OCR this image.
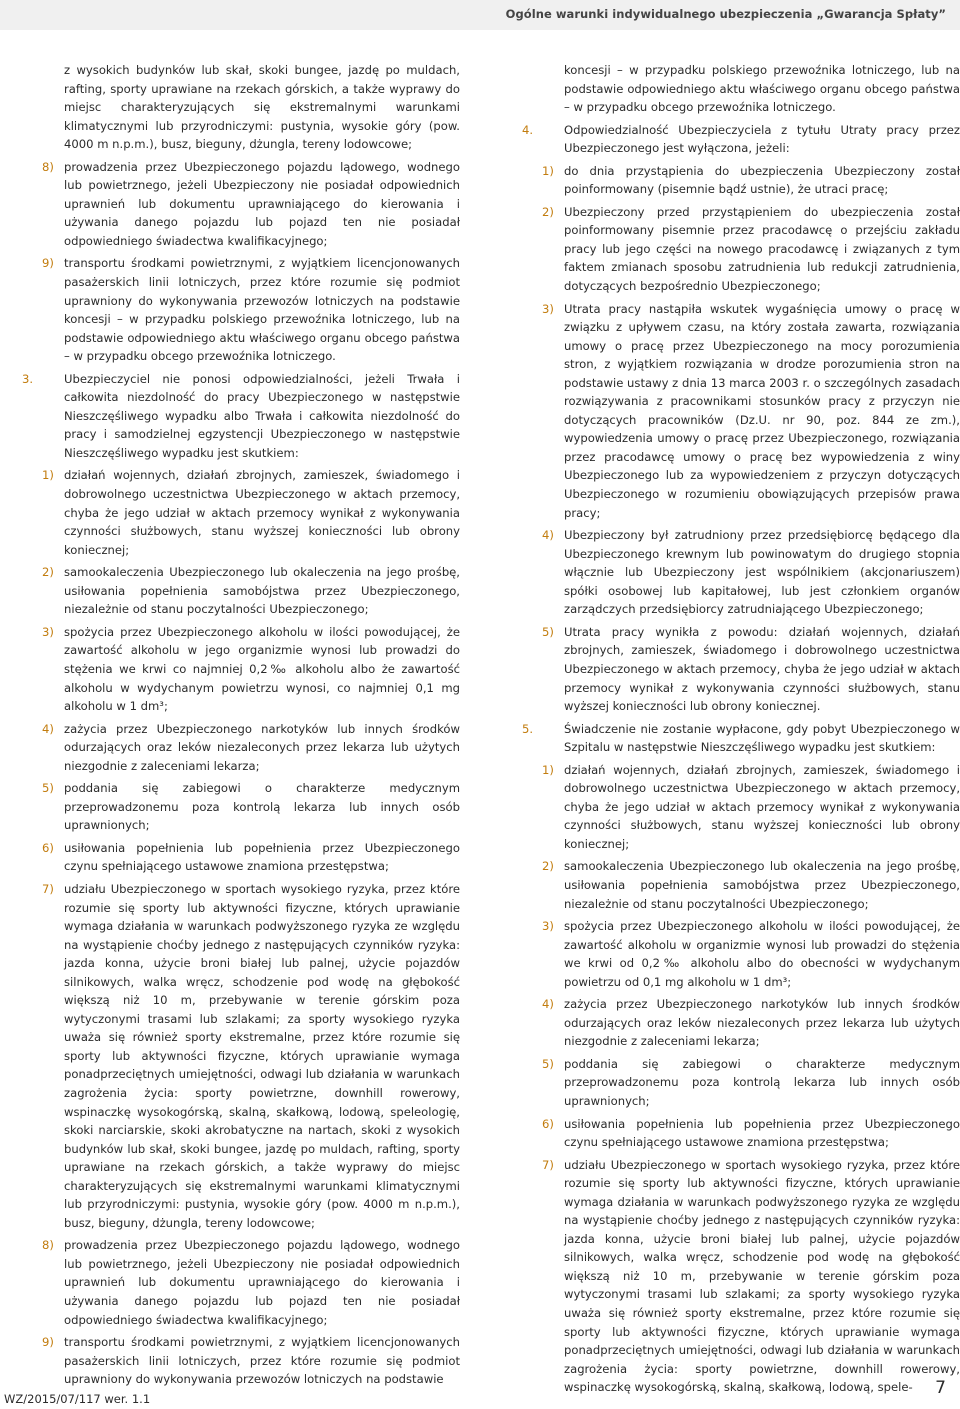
Ogólne warunki indywidualnego ubezpieczenia „Gwarancja Spłaty”

z wysokich budynków lub skał, skoki bungee, jazdę po muldach, rafting, sporty uprawiane na rzekach górskich, a także wyprawy do miejsc charakteryzujących się ekstremalnymi warunkami klimatycznymi lub przyrodniczymi: pustynia, wysokie góry (pow. 4000 m n.p.m.), busz, bieguny, dżungla, tereny lodowcowe;

8) prowadzenia przez Ubezpieczonego pojazdu lądowego, wodnego lub powietrznego, jeżeli Ubezpieczony nie posiadał odpowiednich uprawnień lub dokumentu uprawniającego do kierowania i używania danego pojazdu lub pojazd ten nie posiadał odpowiedniego świadectwa kwalifikacyjnego;
9) transportu środkami powietrznymi, z wyjątkiem licencjonowanych pasażerskich linii lotniczych, przez które rozumie się podmiot uprawniony do wykonywania przewozów lotniczych na podstawie koncesji – w przypadku polskiego przewoźnika lotniczego, lub na podstawie odpowiedniego aktu właściwego organu obcego państwa – w przypadku obcego przewoźnika lotniczego.
3.	Ubezpieczyciel nie ponosi odpowiedzialności, jeżeli Trwała i całkowita niezdolność do pracy Ubezpieczonego w następstwie Nieszczęśliwego wypadku albo Trwała i całkowita niezdolność do pracy i samodzielnej egzystencji Ubezpieczonego w następstwie Nieszczęśliwego wypadku jest skutkiem:

1) działań wojennych, działań zbrojnych, zamieszek, świadomego i dobrowolnego uczestnictwa Ubezpieczonego w aktach przemocy, chyba że jego udział w aktach przemocy wynikał z wykonywania czynności służbowych, stanu wyższej konieczności lub obrony koniecznej;
2) samookaleczenia Ubezpieczonego lub okaleczenia na jego prośbę, usiłowania popełnienia samobójstwa przez Ubezpieczonego, niezależnie od stanu poczytalności Ubezpieczonego;
3) spożycia przez Ubezpieczonego alkoholu w ilości powodującej, że zawartość alkoholu w jego organizmie wynosi lub prowadzi do stężenia we krwi co najmniej 0,2‰ alkoholu albo że zawartość alkoholu w wydychanym powietrzu wynosi, co najmniej 0,1 mg alkoholu w 1 dm³;
4) zażycia przez Ubezpieczonego narkotyków lub innych środków odurzających oraz leków niezaleconych przez lekarza lub użytych niezgodnie z zaleceniami lekarza;
5) poddania się zabiegowi o charakterze medycznym przeprowadzonemu poza kontrolą lekarza lub innych osób uprawnionych;
6) usiłowania popełnienia lub popełnienia przez Ubezpieczonego czynu spełniającego ustawowe znamiona przestępstwa;
7) udziału Ubezpieczonego w sportach wysokiego ryzyka, przez które rozumie się sporty lub aktywności fizyczne, których uprawianie wymaga działania w warunkach podwyższonego ryzyka ze względu na wystąpienie choćby jednego z następujących czynników ryzyka: jazda konna, użycie broni białej lub palnej, użycie pojazdów silnikowych, walka wręcz, schodzenie pod wodę na głębokość większą niż 10 m, przebywanie w terenie górskim poza wytyczonymi trasami lub szlakami; za sporty wysokiego ryzyka uważa się również sporty ekstremalne, przez które rozumie się sporty lub aktywności fizyczne, których uprawianie wymaga ponadprzeciętnych umiejętności, odwagi lub działania w warunkach zagrożenia życia: sporty powietrzne, downhill rowerowy, wspinaczkę wysokogórską, skalną, skałkową, lodową, speleologię, skoki narciarskie, skoki akrobatyczne na nartach, skoki z wysokich budynków lub skał, skoki bungee, jazdę po muldach, rafting, sporty uprawiane na rzekach górskich, a także wyprawy do miejsc charakteryzujących się ekstremalnymi warunkami klimatycznymi lub przyrodniczymi: pustynia, wysokie góry (pow. 4000 m n.p.m.), busz, bieguny, dżungla, tereny lodowcowe;
8) prowadzenia przez Ubezpieczonego pojazdu lądowego, wodnego lub powietrznego, jeżeli Ubezpieczony nie posiadał odpowiednich uprawnień lub dokumentu uprawniającego do kierowania i używania danego pojazdu lub pojazd ten nie posiadał odpowiedniego świadectwa kwalifikacyjnego;
9) transportu środkami powietrznymi, z wyjątkiem licencjonowanych pasażerskich linii lotniczych, przez które rozumie się podmiot uprawniony do wykonywania przewozów lotniczych na podstawie

koncesji – w przypadku polskiego przewoźnika lotniczego, lub na podstawie odpowiedniego aktu właściwego organu obcego państwa – w przypadku obcego przewoźnika lotniczego.

4.	Odpowiedzialność Ubezpieczyciela z tytułu Utraty pracy przez Ubezpieczonego jest wyłączona, jeżeli:

1) do dnia przystąpienia do ubezpieczenia Ubezpieczony został poinformowany (pisemnie bądź ustnie), że utraci pracę;
2) Ubezpieczony przed przystąpieniem do ubezpieczenia został poinformowany pisemnie przez pracodawcę o przejściu zakładu pracy lub jego części na nowego pracodawcę i związanych z tym faktem zmianach sposobu zatrudnienia lub redukcji zatrudnienia, dotyczących bezpośrednio Ubezpieczonego;
3) Utrata pracy nastąpiła wskutek wygaśnięcia umowy o pracę w związku z upływem czasu, na który została zawarta, rozwiązania umowy o pracę przez Ubezpieczonego na mocy porozumienia stron, z wyjątkiem rozwiązania w drodze porozumienia stron na podstawie ustawy z dnia 13 marca 2003 r. o szczególnych zasadach rozwiązywania z pracownikami stosunków pracy z przyczyn nie dotyczących pracowników (Dz.U. nr 90, poz. 844 ze zm.), wypowiedzenia umowy o pracę przez Ubezpieczonego, rozwiązania przez pracodawcę umowy o pracę bez wypowiedzenia z winy Ubezpieczonego lub za wypowiedzeniem z przyczyn dotyczących Ubezpieczonego w rozumieniu obowiązujących przepisów prawa pracy;
4) Ubezpieczony był zatrudniony przez przedsiębiorcę będącego dla Ubezpieczonego krewnym lub powinowatym do drugiego stopnia włącznie lub Ubezpieczony jest wspólnikiem (akcjonariuszem) spółki osobowej lub kapitałowej, lub jest członkiem organów zarządczych przedsiębiorcy zatrudniającego Ubezpieczonego;
5) Utrata pracy wynikła z powodu: działań wojennych, działań zbrojnych, zamieszek, świadomego i dobrowolnego uczestnictwa Ubezpieczonego w aktach przemocy, chyba że jego udział w aktach przemocy wynikał z wykonywania czynności służbowych, stanu wyższej konieczności lub obrony koniecznej.
5.	Świadczenie nie zostanie wypłacone, gdy pobyt Ubezpieczonego w Szpitalu w następstwie Nieszczęśliwego wypadku jest skutkiem:

1) działań wojennych, działań zbrojnych, zamieszek, świadomego i dobrowolnego uczestnictwa Ubezpieczonego w aktach przemocy, chyba że jego udział w aktach przemocy wynikał z wykonywania czynności służbowych, stanu wyższej konieczności lub obrony koniecznej;
2) samookaleczenia Ubezpieczonego lub okaleczenia na jego prośbę, usiłowania popełnienia samobójstwa przez Ubezpieczonego, niezależnie od stanu poczytalności Ubezpieczonego;
3) spożycia przez Ubezpieczonego alkoholu w ilości powodującej, że zawartość alkoholu w organizmie wynosi lub prowadzi do stężenia we krwi od 0,2‰ alkoholu albo do obecności w wydychanym powietrzu od 0,1 mg alkoholu w 1 dm³;
4) zażycia przez Ubezpieczonego narkotyków lub innych środków odurzających oraz leków niezaleconych przez lekarza lub użytych niezgodnie z zaleceniami lekarza;
5) poddania się zabiegowi o charakterze medycznym przeprowadzonemu poza kontrolą lekarza lub innych osób uprawnionych;
6) usiłowania popełnienia lub popełnienia przez Ubezpieczonego czynu spełniającego ustawowe znamiona przestępstwa;
7) udziału Ubezpieczonego w sportach wysokiego ryzyka, przez które rozumie się sporty lub aktywności fizyczne, których uprawianie wymaga działania w warunkach podwyższonego ryzyka ze względu na wystąpienie choćby jednego z następujących czynników ryzyka: jazda konna, użycie broni białej lub palnej, użycie pojazdów silnikowych, walka wręcz, schodzenie pod wodę na głębokość większą niż 10 m, przebywanie w terenie górskim poza wytyczonymi trasami lub szlakami; za sporty wysokiego ryzyka uważa się również sporty ekstremalne, przez które rozumie się sporty lub aktywności fizyczne, których uprawianie wymaga ponadprzeciętnych umiejętności, odwagi lub działania w warunkach zagrożenia życia: sporty powietrzne, downhill rowerowy, wspinaczkę wysokogórską, skalną, skałkową, lodową, spele-
WZ/2015/07/117 wer. 1.1
7
